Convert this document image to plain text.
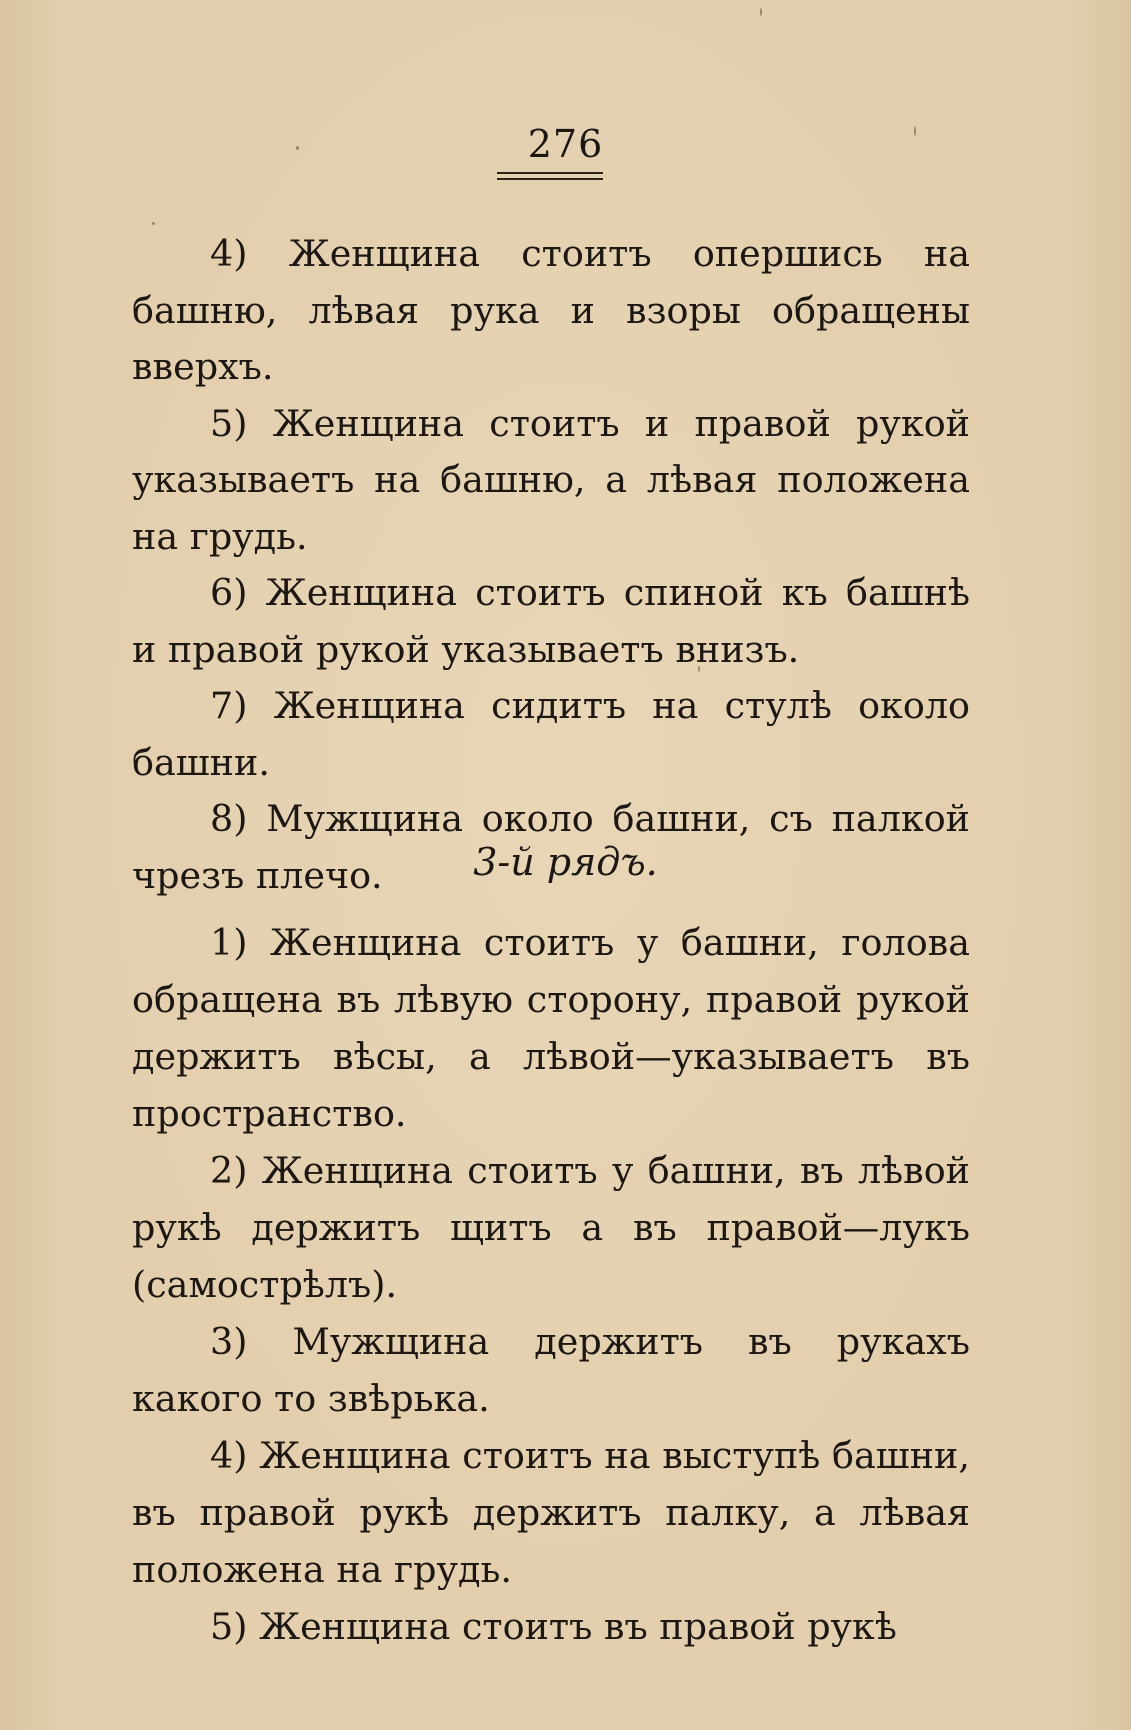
276

4) Женщина стоитъ опершись на башню, лѣвая рука и взоры обращены вверхъ.

5) Женщина стоитъ и правой рукой указываетъ на башню, а лѣвая положена на грудь.

6) Женщина стоитъ спиной къ башнѣ и правой рукой указываетъ внизъ.

7) Женщина сидитъ на стулѣ около башни.

8) Мужщина около башни, съ палкой чрезъ плечо.	3-й рядъ.

1) Женщина стоитъ у башни, голова обращена въ лѣвую сторону, правой рукой держитъ вѣсы, а лѣвой—указываетъ въ пространство.

2) Женщина стоитъ у башни, въ лѣвой рукѣ держитъ щитъ а въ правой—лукъ (самострѣлъ).

3) Мужщина держитъ въ рукахъ какого то звѣрька.

4) Женщина стоитъ на выступѣ башни, въ правой рукѣ держитъ палку, а лѣвая положена на грудь.

5) Женщина стоитъ въ правой рукѣ
